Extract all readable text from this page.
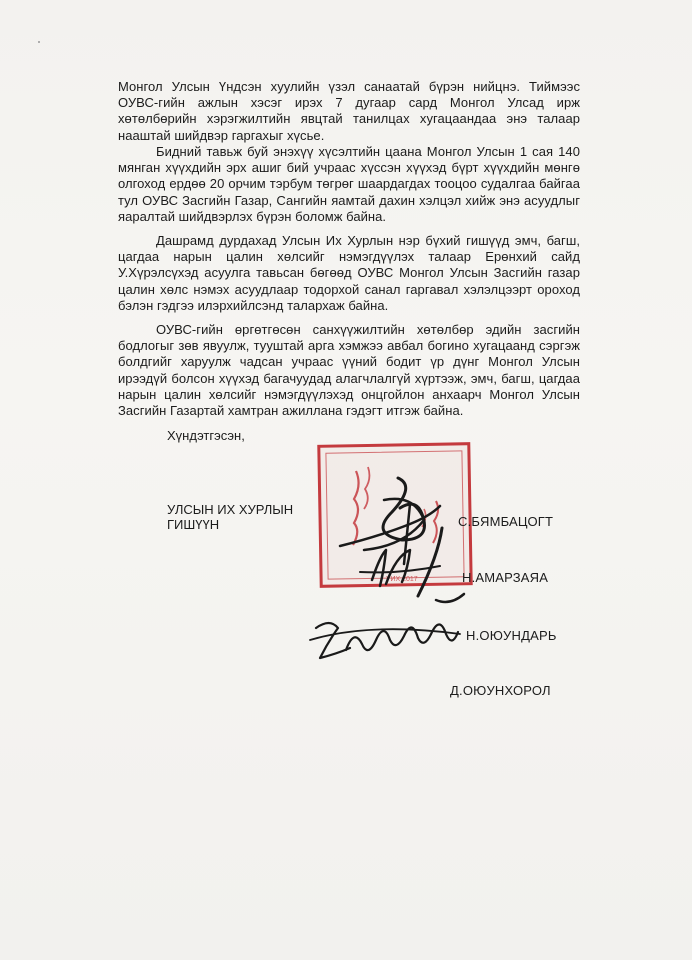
Монгол Улсын Үндсэн хуулийн үзэл санаатай бүрэн нийцнэ. Тиймээс ОУВС-гийн ажлын хэсэг ирэх 7 дугаар сард Монгол Улсад ирж хөтөлбөрийн хэрэгжилтийн явцтай танилцах хугацаандаа энэ талаар нааштай шийдвэр гаргахыг хүсье.
Бидний тавьж буй энэхүү хүсэлтийн цаана Монгол Улсын 1 сая 140 мянган хүүхдийн эрх ашиг бий учраас хүссэн хүүхэд бүрт хүүхдийн мөнгө олгоход ердөө 20 орчим тэрбум төгрөг шаардагдах тооцоо судалгаа байгаа тул ОУВС Засгийн Газар, Сангийн яамтай дахин хэлцэл хийж энэ асуудлыг яаралтай шийдвэрлэх бүрэн боломж байна.
Дашрамд дурдахад Улсын Их Хурлын нэр бүхий гишүүд эмч, багш, цагдаа нарын цалин хөлсийг нэмэгдүүлэх талаар Ерөнхий сайд У.Хүрэлсүхэд асуулга тавьсан бөгөөд ОУВС Монгол Улсын Засгийн газар цалин хөлс нэмэх асуудлаар тодорхой санал гаргавал хэлэлцээрт ороход бэлэн гэдгээ илэрхийлсэнд талархаж байна.
ОУВС-гийн өргөтгөсөн санхүүжилтийн хөтөлбөр эдийн засгийн бодлогыг зөв явуулж, тууштай арга хэмжээ авбал богино хугацаанд сэргэж болдгийг харуулж чадсан учраас үүний бодит үр дүнг Монгол Улсын ирээдүй болсон хүүхэд багачуудад алагчлалгүй хүртээж, эмч, багш, цагдаа нарын цалин хөлсийг нэмэгдүүлэхэд онцгойлон анхаарч Монгол Улсын Засгийн Газартай хамтран ажиллана гэдэгт итгэж байна.
Хүндэтгэсэн,
УЛСЫН ИХ ХУРЛЫН
ГИШҮҮН
УИХ 2017
С.БЯМБАЦОГТ
Н.АМАРЗАЯА
Н.ОЮУНДАРЬ
Д.ОЮУНХОРОЛ
